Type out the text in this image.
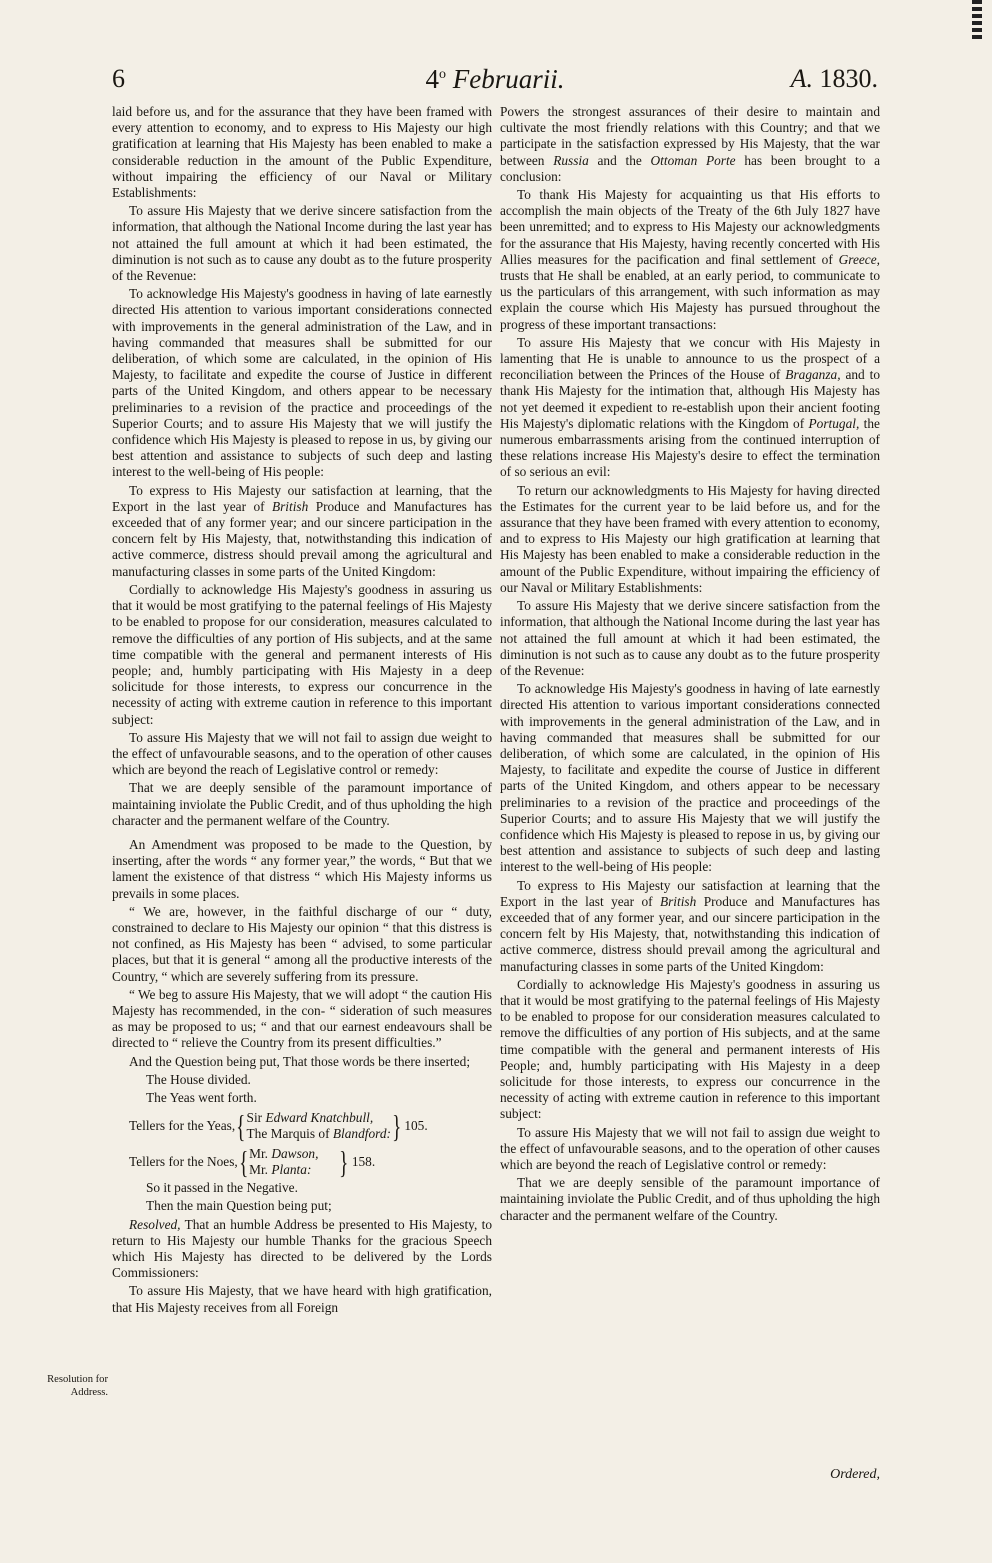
6	4$^o$ Februarii.	A. 1830.

laid before us, and for the assurance that they have been framed with every attention to economy, and to express to His Majesty our high gratification at learning that His Majesty has been enabled to make a considerable reduction in the amount of the Public Expenditure, without impairing the efficiency of our Naval or Military Establishments:

To assure His Majesty that we derive sincere satisfaction from the information, that although the National Income during the last year has not attained the full amount at which it had been estimated, the diminution is not such as to cause any doubt as to the future prosperity of the Revenue:

To acknowledge His Majesty's goodness in having of late earnestly directed His attention to various important considerations connected with improvements in the general administration of the Law, and in having commanded that measures shall be submitted for our deliberation, of which some are calculated, in the opinion of His Majesty, to facilitate and expedite the course of Justice in different parts of the United Kingdom, and others appear to be necessary preliminaries to a revision of the practice and proceedings of the Superior Courts; and to assure His Majesty that we will justify the confidence which His Majesty is pleased to repose in us, by giving our best attention and assistance to subjects of such deep and lasting interest to the well-being of His people:

To express to His Majesty our satisfaction at learning, that the Export in the last year of British Produce and Manufactures has exceeded that of any former year; and our sincere participation in the concern felt by His Majesty, that, notwithstanding this indication of active commerce, distress should prevail among the agricultural and manufacturing classes in some parts of the United Kingdom:

Cordially to acknowledge His Majesty's goodness in assuring us that it would be most gratifying to the paternal feelings of His Majesty to be enabled to propose for our consideration, measures calculated to remove the difficulties of any portion of His subjects, and at the same time compatible with the general and permanent interests of His people; and, humbly participating with His Majesty in a deep solicitude for those interests, to express our concurrence in the necessity of acting with extreme caution in reference to this important subject:

To assure His Majesty that we will not fail to assign due weight to the effect of unfavourable seasons, and to the operation of other causes which are beyond the reach of Legislative control or remedy:

That we are deeply sensible of the paramount importance of maintaining inviolate the Public Credit, and of thus upholding the high character and the permanent welfare of the Country.

An Amendment was proposed to be made to the Question, by inserting, after the words “ any former year,” the words, “ But that we lament the existence of that distress “ which His Majesty informs us prevails in some places.

“ We are, however, in the faithful discharge of our “ duty, constrained to declare to His Majesty our opinion “ that this distress is not confined, as His Majesty has been “ advised, to some particular places, but that it is general “ among all the productive interests of the Country, “ which are severely suffering from its pressure.

“ We beg to assure His Majesty, that we will adopt “ the caution His Majesty has recommended, in the con- “ sideration of such measures as may be proposed to us; “ and that our earnest endeavours shall be directed to “ relieve the Country from its present difficulties.”

And the Question being put, That those words be there inserted;

The House divided.

The Yeas went forth.

Tellers for the Yeas, { Sir Edward Knatchbull,
The Marquis of Blandford: } 105.
Tellers for the Noes, { Mr. Dawson,
Mr. Planta: } 158.

So it passed in the Negative.

Then the main Question being put;

Resolved, That an humble Address be presented to His Majesty, to return to His Majesty our humble Thanks for the gracious Speech which His Majesty has directed to be delivered by the Lords Commissioners:

To assure His Majesty, that we have heard with high gratification, that His Majesty receives from all Foreign

Resolution for Address.

Powers the strongest assurances of their desire to maintain and cultivate the most friendly relations with this Country; and that we participate in the satisfaction expressed by His Majesty, that the war between Russia and the Ottoman Porte has been brought to a conclusion:

To thank His Majesty for acquainting us that His efforts to accomplish the main objects of the Treaty of the 6th July 1827 have been unremitted; and to express to His Majesty our acknowledgments for the assurance that His Majesty, having recently concerted with His Allies measures for the pacification and final settlement of Greece, trusts that He shall be enabled, at an early period, to communicate to us the particulars of this arrangement, with such information as may explain the course which His Majesty has pursued throughout the progress of these important transactions:

To assure His Majesty that we concur with His Majesty in lamenting that He is unable to announce to us the prospect of a reconciliation between the Princes of the House of Braganza, and to thank His Majesty for the intimation that, although His Majesty has not yet deemed it expedient to re-establish upon their ancient footing His Majesty's diplomatic relations with the Kingdom of Portugal, the numerous embarrassments arising from the continued interruption of these relations increase His Majesty's desire to effect the termination of so serious an evil:

To return our acknowledgments to His Majesty for having directed the Estimates for the current year to be laid before us, and for the assurance that they have been framed with every attention to economy, and to express to His Majesty our high gratification at learning that His Majesty has been enabled to make a considerable reduction in the amount of the Public Expenditure, without impairing the efficiency of our Naval or Military Establishments:

To assure His Majesty that we derive sincere satisfaction from the information, that although the National Income during the last year has not attained the full amount at which it had been estimated, the diminution is not such as to cause any doubt as to the future prosperity of the Revenue:

To acknowledge His Majesty's goodness in having of late earnestly directed His attention to various important considerations connected with improvements in the general administration of the Law, and in having commanded that measures shall be submitted for our deliberation, of which some are calculated, in the opinion of His Majesty, to facilitate and expedite the course of Justice in different parts of the United Kingdom, and others appear to be necessary preliminaries to a revision of the practice and proceedings of the Superior Courts; and to assure His Majesty that we will justify the confidence which His Majesty is pleased to repose in us, by giving our best attention and assistance to subjects of such deep and lasting interest to the well-being of His people:

To express to His Majesty our satisfaction at learning that the Export in the last year of British Produce and Manufactures has exceeded that of any former year, and our sincere participation in the concern felt by His Majesty, that, notwithstanding this indication of active commerce, distress should prevail among the agricultural and manufacturing classes in some parts of the United Kingdom:

Cordially to acknowledge His Majesty's goodness in assuring us that it would be most gratifying to the paternal feelings of His Majesty to be enabled to propose for our consideration measures calculated to remove the difficulties of any portion of His subjects, and at the same time compatible with the general and permanent interests of His People; and, humbly participating with His Majesty in a deep solicitude for those interests, to express our concurrence in the necessity of acting with extreme caution in reference to this important subject:

To assure His Majesty that we will not fail to assign due weight to the effect of unfavourable seasons, and to the operation of other causes which are beyond the reach of Legislative control or remedy:

That we are deeply sensible of the paramount importance of maintaining inviolate the Public Credit, and of thus upholding the high character and the permanent welfare of the Country.

Ordered,
